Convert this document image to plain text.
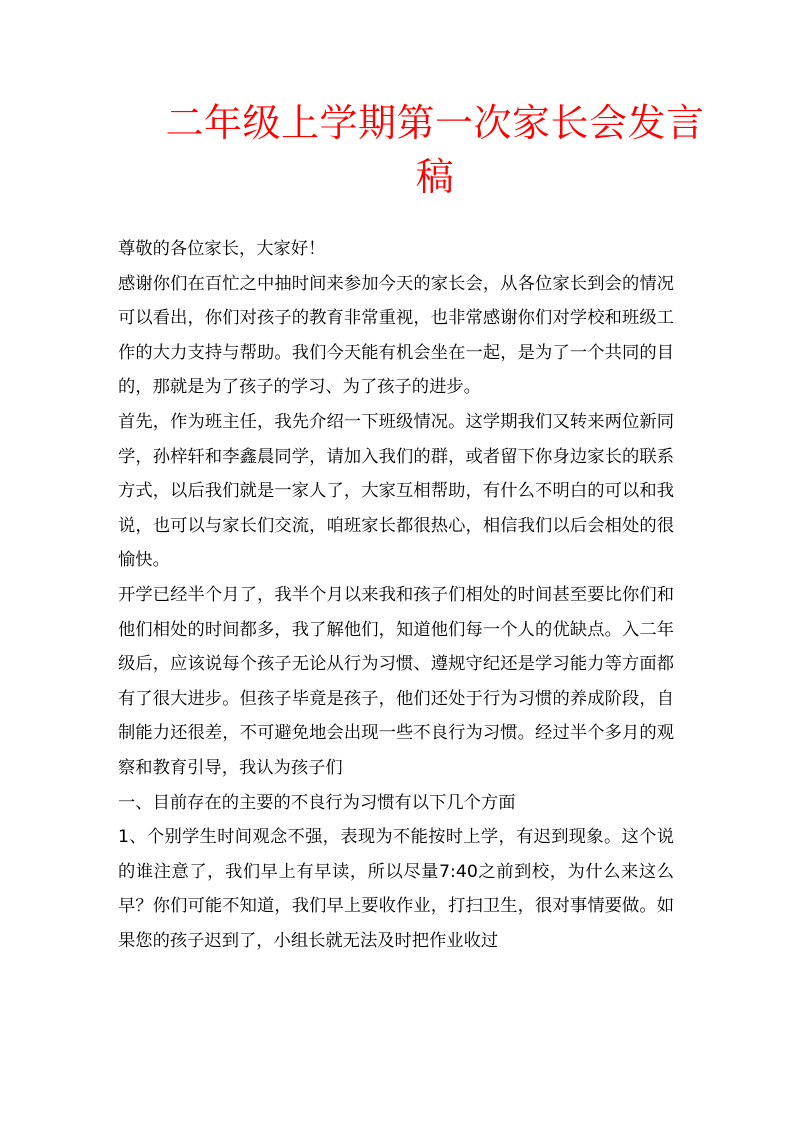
二年级上学期第一次家长会发言稿

尊敬的各位家长，大家好！

感谢你们在百忙之中抽时间来参加今天的家长会，从各位家长到会的情况可以看出，你们对孩子的教育非常重视，也非常感谢你们对学校和班级工作的大力支持与帮助。我们今天能有机会坐在一起，是为了一个共同的目的，那就是为了孩子的学习、为了孩子的进步。

首先，作为班主任，我先介绍一下班级情况。这学期我们又转来两位新同学，孙梓轩和李鑫晨同学，请加入我们的群，或者留下你身边家长的联系方式，以后我们就是一家人了，大家互相帮助，有什么不明白的可以和我说，也可以与家长们交流，咱班家长都很热心，相信我们以后会相处的很愉快。

开学已经半个月了，我半个月以来我和孩子们相处的时间甚至要比你们和他们相处的时间都多，我了解他们，知道他们每一个人的优缺点。入二年级后，应该说每个孩子无论从行为习惯、遵规守纪还是学习能力等方面都有了很大进步。但孩子毕竟是孩子，他们还处于行为习惯的养成阶段，自制能力还很差，不可避免地会出现一些不良行为习惯。经过半个多月的观察和教育引导，我认为孩子们

一、目前存在的主要的不良行为习惯有以下几个方面

1、个别学生时间观念不强，表现为不能按时上学，有迟到现象。这个说的谁注意了，我们早上有早读，所以尽量7:40之前到校，为什么来这么早？你们可能不知道，我们早上要收作业，打扫卫生，很对事情要做。如果您的孩子迟到了，小组长就无法及时把作业收过
